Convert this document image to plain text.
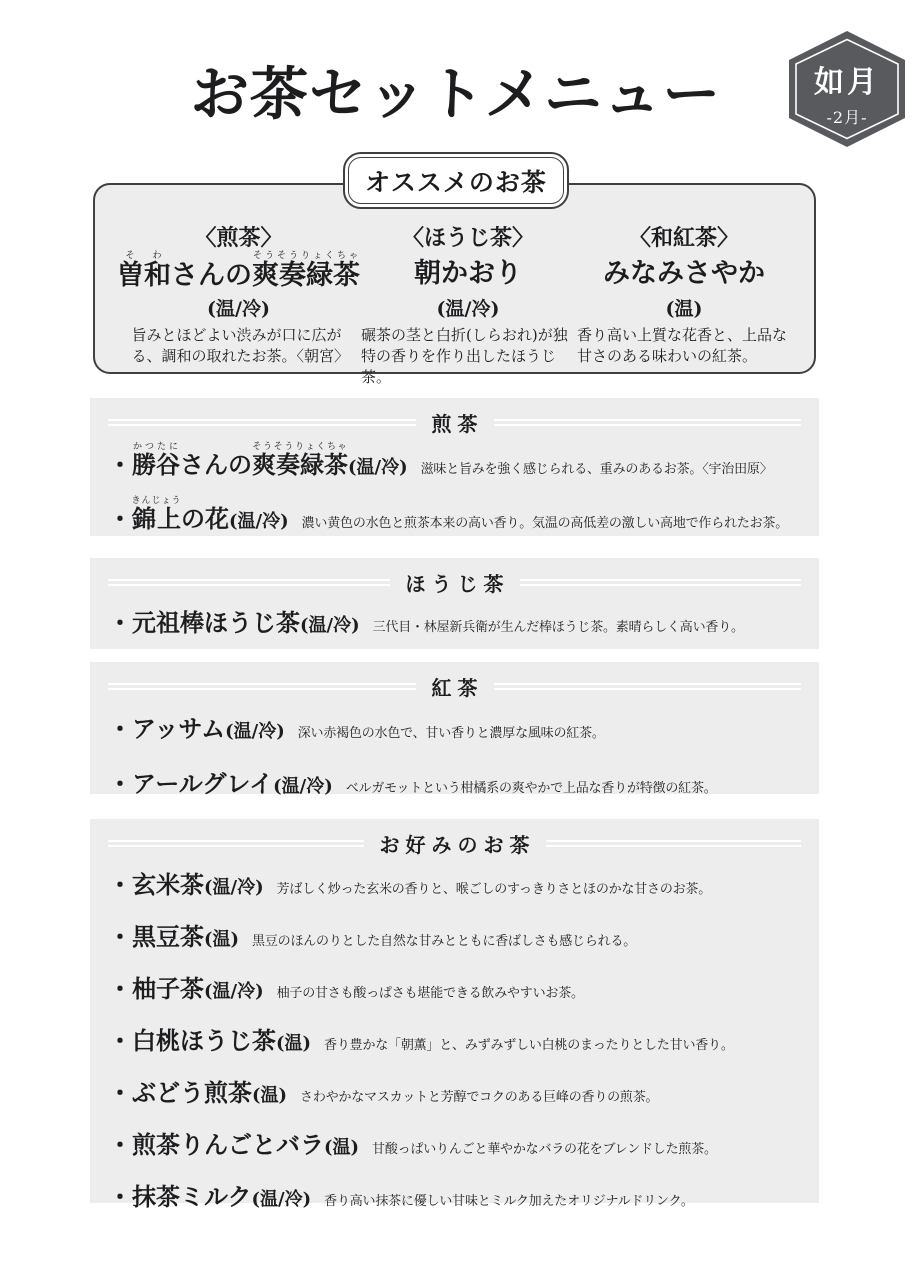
お茶セットメニュー	如月
-2月-
オススメのお茶
〈煎茶〉
曽和そわさんの爽奏緑茶そうそうりょくちゃ
(温/冷)
旨みとほどよい渋みが口に広がる、調和の取れたお茶。〈朝宮〉
〈ほうじ茶〉
朝かおり
(温/冷)
碾茶の茎と白折(しらおれ)が独特の香りを作り出したほうじ茶。
〈和紅茶〉
みなみさやか
(温)
香り高い上質な花香と、上品な甘さのある味わいの紅茶。
煎茶
・勝谷かつたにさんの爽奏緑茶そうそうりょくちゃ(温/冷) 滋味と旨みを強く感じられる、重みのあるお茶。〈宇治田原〉
・錦上きんじょうの花(温/冷) 濃い黄色の水色と煎茶本来の高い香り。気温の高低差の激しい高地で作られたお茶。
ほうじ茶
・元祖棒ほうじ茶(温/冷) 三代目・林屋新兵衛が生んだ棒ほうじ茶。素晴らしく高い香り。
紅茶
・アッサム(温/冷) 深い赤褐色の水色で、甘い香りと濃厚な風味の紅茶。
・アールグレイ(温/冷) ベルガモットという柑橘系の爽やかで上品な香りが特徴の紅茶。
お好みのお茶
・玄米茶(温/冷) 芳ばしく炒った玄米の香りと、喉ごしのすっきりさとほのかな甘さのお茶。
・黒豆茶(温) 黒豆のほんのりとした自然な甘みとともに香ばしさも感じられる。
・柚子茶(温/冷) 柚子の甘さも酸っぱさも堪能できる飲みやすいお茶。
・白桃ほうじ茶(温) 香り豊かな「朝薫」と、みずみずしい白桃のまったりとした甘い香り。
・ぶどう煎茶(温) さわやかなマスカットと芳醇でコクのある巨峰の香りの煎茶。
・煎茶りんごとバラ(温) 甘酸っぱいりんごと華やかなバラの花をブレンドした煎茶。
・抹茶ミルク(温/冷) 香り高い抹茶に優しい甘味とミルク加えたオリジナルドリンク。
